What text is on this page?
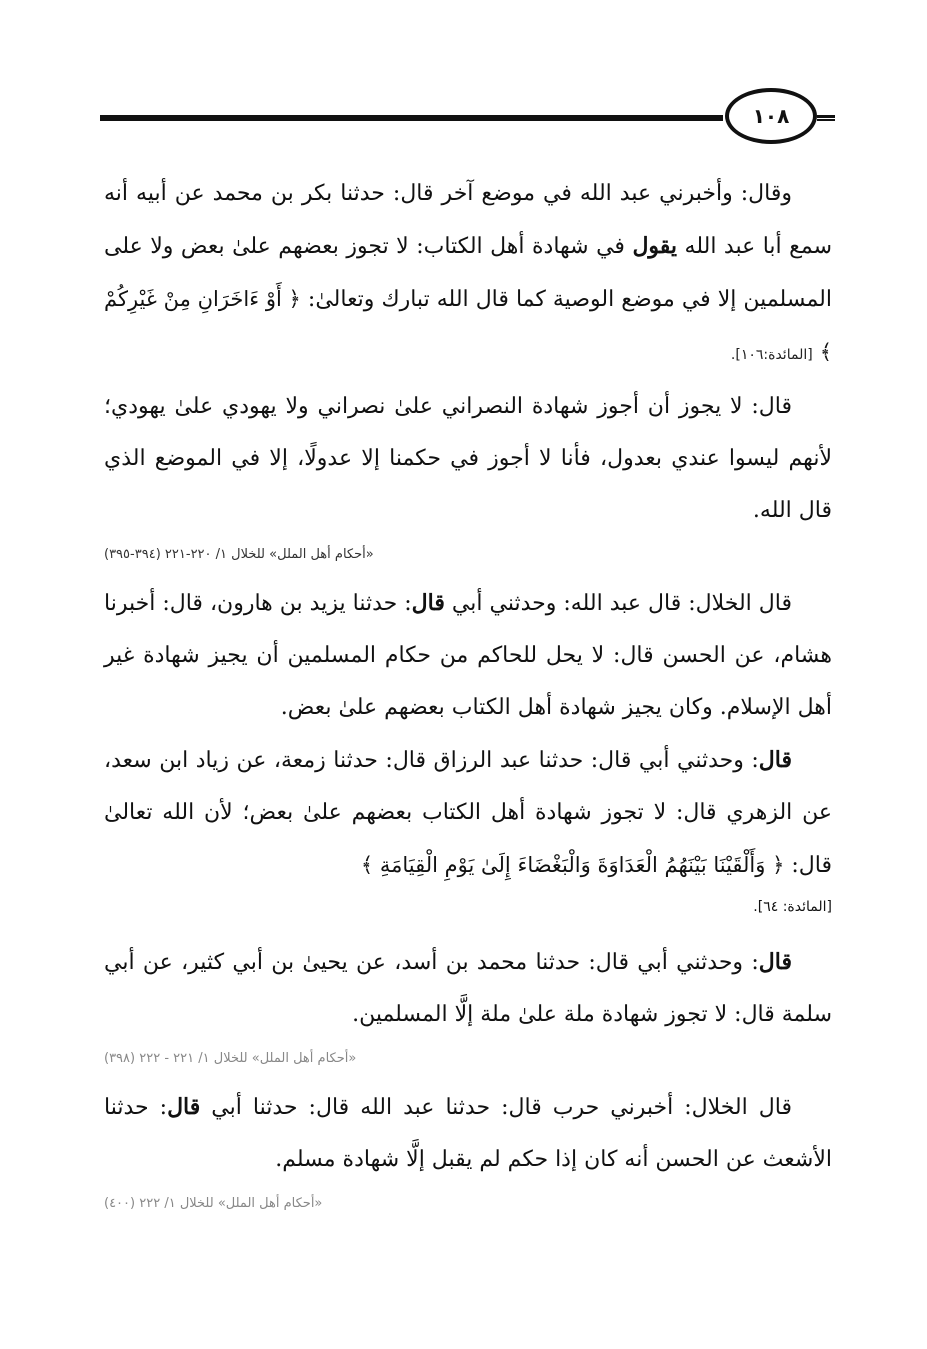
١٠٨

وقال: وأخبرني عبد الله في موضع آخر قال: حدثنا بكر بن محمد عن أبيه أنه سمع أبا عبد الله يقول في شهادة أهل الكتاب: لا تجوز بعضهم علىٰ بعض ولا على المسلمين إلا في موضع الوصية كما قال الله تبارك وتعالىٰ: ﴿ أَوْ ءَاخَرَانِ مِنْ غَيْرِكُمْ ﴾ [المائدة:١٠٦].

قال: لا يجوز أن أجوز شهادة النصراني علىٰ نصراني ولا يهودي علىٰ يهودي؛ لأنهم ليسوا عندي بعدول، فأنا لا أجوز في حكمنا إلا عدولًا، إلا في الموضع الذي قال الله.

«أحكام أهل الملل» للخلال ١/ ٢٢٠-٢٢١ (٣٩٤-٣٩٥)

قال الخلال: قال عبد الله: وحدثني أبي قال: حدثنا يزيد بن هارون، قال: أخبرنا هشام، عن الحسن قال: لا يحل للحاكم من حكام المسلمين أن يجيز شهادة غير أهل الإسلام. وكان يجيز شهادة أهل الكتاب بعضهم علىٰ بعض.

قال: وحدثني أبي قال: حدثنا عبد الرزاق قال: حدثنا زمعة، عن زياد ابن سعد، عن الزهري قال: لا تجوز شهادة أهل الكتاب بعضهم علىٰ بعض؛ لأن الله تعالىٰ قال: ﴿ وَأَلْقَيْنَا بَيْنَهُمُ الْعَدَاوَةَ وَالْبَغْضَاءَ إِلَىٰ يَوْمِ الْقِيَامَةِ ﴾

[المائدة: ٦٤].

قال: وحدثني أبي قال: حدثنا محمد بن أسد، عن يحيىٰ بن أبي كثير، عن أبي سلمة قال: لا تجوز شهادة ملة علىٰ ملة إلَّا المسلمين.

«أحكام أهل الملل» للخلال ١/ ٢٢١ - ٢٢٢ (٣٩٨)

قال الخلال: أخبرني حرب قال: حدثنا عبد الله قال: حدثنا أبي قال: حدثنا الأشعث عن الحسن أنه كان إذا حكم لم يقبل إلَّا شهادة مسلم.

«أحكام أهل الملل» للخلال ١/ ٢٢٢ (٤٠٠)
